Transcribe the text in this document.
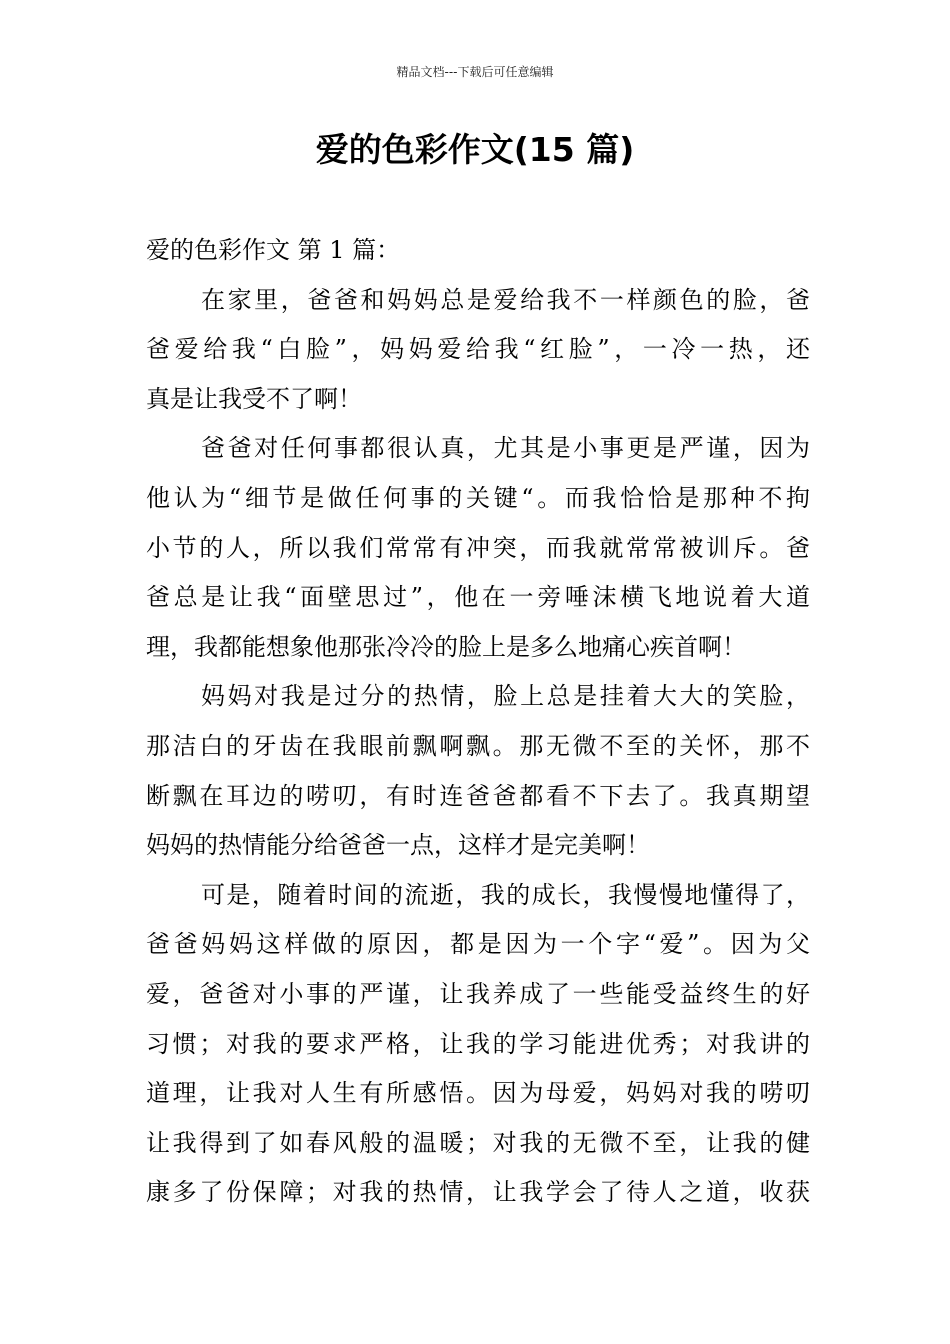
精品文档---下载后可任意编辑
爱的色彩作文(15 篇)
爱的色彩作文 第 1 篇：
在家里，爸爸和妈妈总是爱给我不一样颜色的脸，爸
爸爱给我“白脸”，妈妈爱给我“红脸”，一冷一热，还
真是让我受不了啊！
爸爸对任何事都很认真，尤其是小事更是严谨，因为
他认为“细节是做任何事的关键“。而我恰恰是那种不拘
小节的人，所以我们常常有冲突，而我就常常被训斥。爸
爸总是让我“面壁思过”，他在一旁唾沫横飞地说着大道
理，我都能想象他那张冷冷的脸上是多么地痛心疾首啊！
妈妈对我是过分的热情，脸上总是挂着大大的笑脸，
那洁白的牙齿在我眼前飘啊飘。那无微不至的关怀，那不
断飘在耳边的唠叨，有时连爸爸都看不下去了。我真期望
妈妈的热情能分给爸爸一点，这样才是完美啊！
可是，随着时间的流逝，我的成长，我慢慢地懂得了，
爸爸妈妈这样做的原因，都是因为一个字“爱”。因为父
爱，爸爸对小事的严谨，让我养成了一些能受益终生的好
习惯；对我的要求严格，让我的学习能进优秀；对我讲的
道理，让我对人生有所感悟。因为母爱，妈妈对我的唠叨
让我得到了如春风般的温暖；对我的无微不至，让我的健
康多了份保障；对我的热情，让我学会了待人之道，收获
